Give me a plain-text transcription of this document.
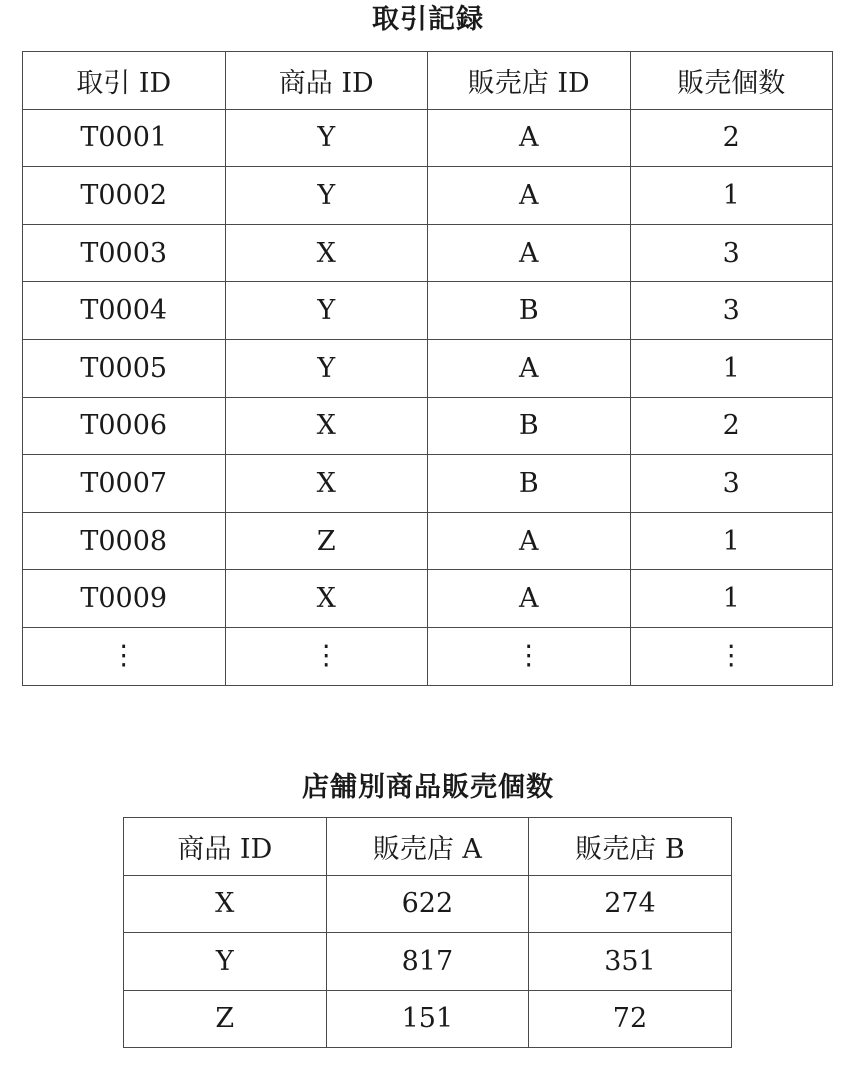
取引記録
取引 ID	商品 ID	販売店 ID	販売個数
T0001	Y	A	2
T0002	Y	A	1
T0003	X	A	3
T0004	Y	B	3
T0005	Y	A	1
T0006	X	B	2
T0007	X	B	3
T0008	Z	A	1
T0009	X	A	1
⋮	⋮	⋮	⋮
店舗別商品販売個数
商品 ID	販売店 A	販売店 B
X	622	274
Y	817	351
Z	151	72
